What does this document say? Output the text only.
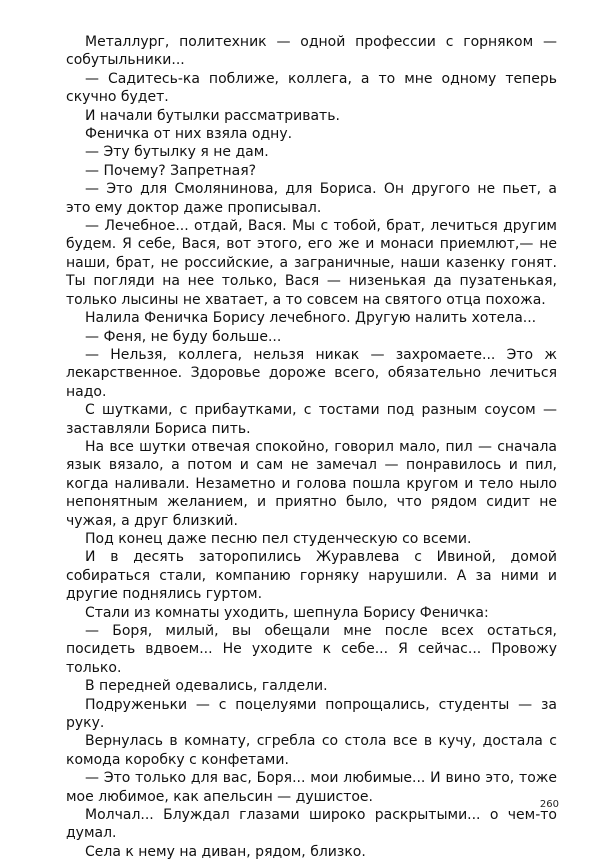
Металлург, политехник — одной профессии с горняком — собутыльники...

— Садитесь-ка поближе, коллега, а то мне одному теперь скучно будет.

И начали бутылки рассматривать.

Феничка от них взяла одну.

— Эту бутылку я не дам.

— Почему? Запретная?

— Это для Смолянинова, для Бориса. Он другого не пьет, а это ему доктор даже прописывал.

— Лечебное... отдай, Вася. Мы с тобой, брат, лечиться другим будем. Я себе, Вася, вот этого, его же и монаси приемлют,— не наши, брат, не российские, а заграничные, наши казенку гонят. Ты погляди на нее только, Вася — низенькая да пузатенькая, только лысины не хватает, а то совсем на святого отца похожа.

Налила Феничка Борису лечебного. Другую налить хотела...

— Феня, не буду больше...

— Нельзя, коллега, нельзя никак — захромаете... Это ж лекарственное. Здоровье дороже всего, обязательно лечиться надо.

С шутками, с прибаутками, с тостами под разным соусом — заставляли Бориса пить.

На все шутки отвечая спокойно, говорил мало, пил — сначала язык вязало, а потом и сам не замечал — понравилось и пил, когда наливали. Незаметно и голова пошла кругом и тело ныло непонятным желанием, и приятно было, что рядом сидит не чужая, а друг близкий.

Под конец даже песню пел студенческую со всеми.

И в десять заторопились Журавлева с Ивиной, домой собираться стали, компанию горняку нарушили. А за ними и другие поднялись гуртом.

Стали из комнаты уходить, шепнула Борису Феничка:

— Боря, милый, вы обещали мне после всех остаться, посидеть вдвоем... Не уходите к себе... Я сейчас... Провожу только.

В передней одевались, галдели.

Подруженьки — с поцелуями попрощались, студенты — за руку.

Вернулась в комнату, сгребла со стола все в кучу, достала с комода коробку с конфетами.

— Это только для вас, Боря... мои любимые... И вино это, тоже мое любимое, как апельсин — душистое.

Молчал... Блуждал глазами широко раскрытыми... о чем-то думал.

Села к нему на диван, рядом, близко.

260
